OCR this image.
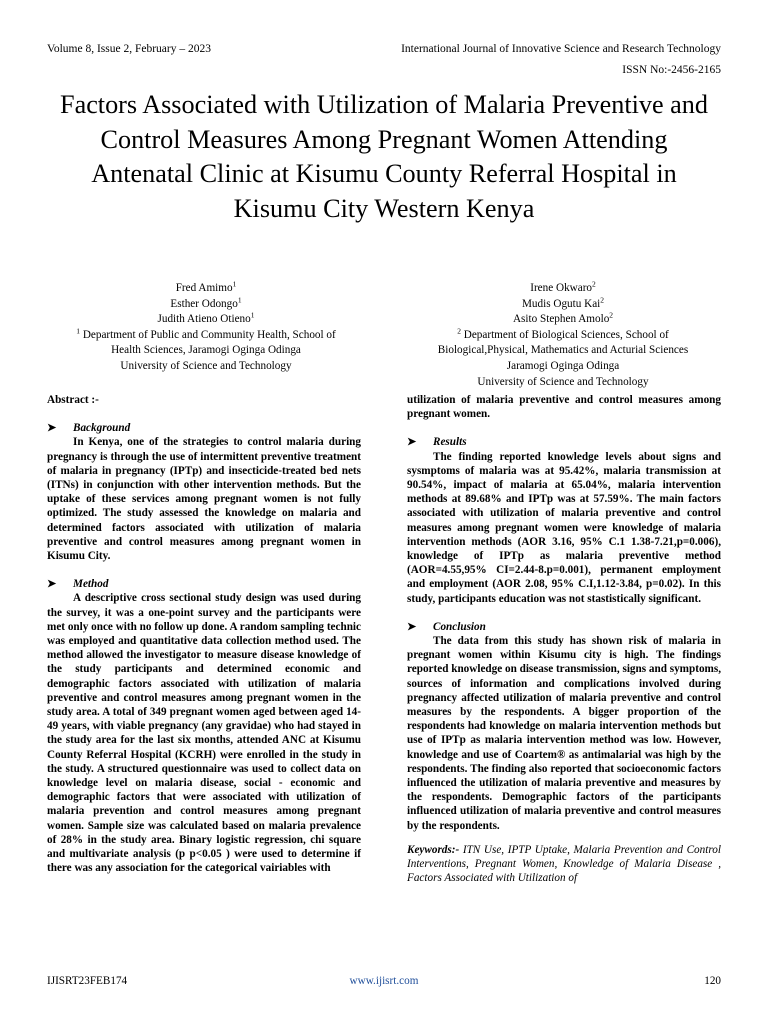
Volume 8, Issue 2, February – 2023	International Journal of Innovative Science and Research Technology
ISSN No:-2456-2165
Factors Associated with Utilization of Malaria Preventive and Control Measures Among Pregnant Women Attending Antenatal Clinic at Kisumu County Referral Hospital in Kisumu City Western Kenya
Fred Amimo$^1$
Esther Odongo$^1$
Judith Atieno Otieno$^1$
$^1$ Department of Public and Community Health, School of
Health Sciences, Jaramogi Oginga Odinga
University of Science and Technology
Irene Okwaro$^2$
Mudis Ogutu Kai$^2$
Asito Stephen Amolo$^2$
$^2$ Department of Biological Sciences, School of
Biological,Physical, Mathematics and Acturial Sciences
Jaramogi Oginga Odinga
University of Science and Technology

Abstract :-

➤	Background

In Kenya, one of the strategies to control malaria during pregnancy is through the use of intermittent preventive treatment of malaria in pregnancy (IPTp) and insecticide-treated bed nets (ITNs) in conjunction with other intervention methods. But the uptake of these services among pregnant women is not fully optimized. The study assessed the knowledge on malaria and determined factors associated with utilization of malaria preventive and control measures among pregnant women in Kisumu City.

➤	Method

A descriptive cross sectional study design was used during the survey, it was a one-point survey and the participants were met only once with no follow up done. A random sampling technic was employed and quantitative data collection method used. The method allowed the investigator to measure disease knowledge of the study participants and determined economic and demographic factors associated with utilization of malaria preventive and control measures among pregnant women in the study area. A total of 349 pregnant women aged between aged 14-49 years, with viable pregnancy (any gravidae) who had stayed in the study area for the last six months, attended ANC at Kisumu County Referral Hospital (KCRH) were enrolled in the study in the study. A structured questionnaire was used to collect data on knowledge level on malaria disease, social - economic and demographic factors that were associated with utilization of malaria prevention and control measures among pregnant women. Sample size was calculated based on malaria prevalence of 28% in the study area. Binary logistic regression, chi square and multivariate analysis (p p<0.05 ) were used to determine if there was any association for the categorical vairiables with

utilization of malaria preventive and control measures among pregnant women.

➤	Results

The finding reported knowledge levels about signs and sysmptoms of malaria was at 95.42%, malaria transmission at 90.54%, impact of malaria at 65.04%, malaria intervention methods at 89.68% and IPTp was at 57.59%. The main factors associated with utilization of malaria preventive and control measures among pregnant women were knowledge of malaria intervention methods (AOR 3.16, 95% C.1 1.38-7.21,p=0.006), knowledge of IPTp as malaria preventive method (AOR=4.55,95% CI=2.44-8.p=0.001), permanent employment and employment (AOR 2.08, 95% C.I,1.12-3.84, p=0.02). In this study, participants education was not stastistically significant.

➤	Conclusion

The data from this study has shown risk of malaria in pregnant women within Kisumu city is high. The findings reported knowledge on disease transmission, signs and symptoms, sources of information and complications involved during pregnancy affected utilization of malaria preventive and control measures by the respondents. A bigger proportion of the respondents had knowledge on malaria intervention methods but use of IPTp as malaria intervention method was low. However, knowledge and use of Coartem® as antimalarial was high by the respondents. The finding also reported that socioeconomic factors influenced the utilization of malaria preventive and measures by the respondents. Demographic factors of the participants influenced utilization of malaria preventive and control measures by the respondents.

Keywords:- ITN Use, IPTP Uptake, Malaria Prevention and Control Interventions, Pregnant Women, Knowledge of Malaria Disease , Factors Associated with Utilization of

IJISRT23FEB174	www.ijisrt.com	120
